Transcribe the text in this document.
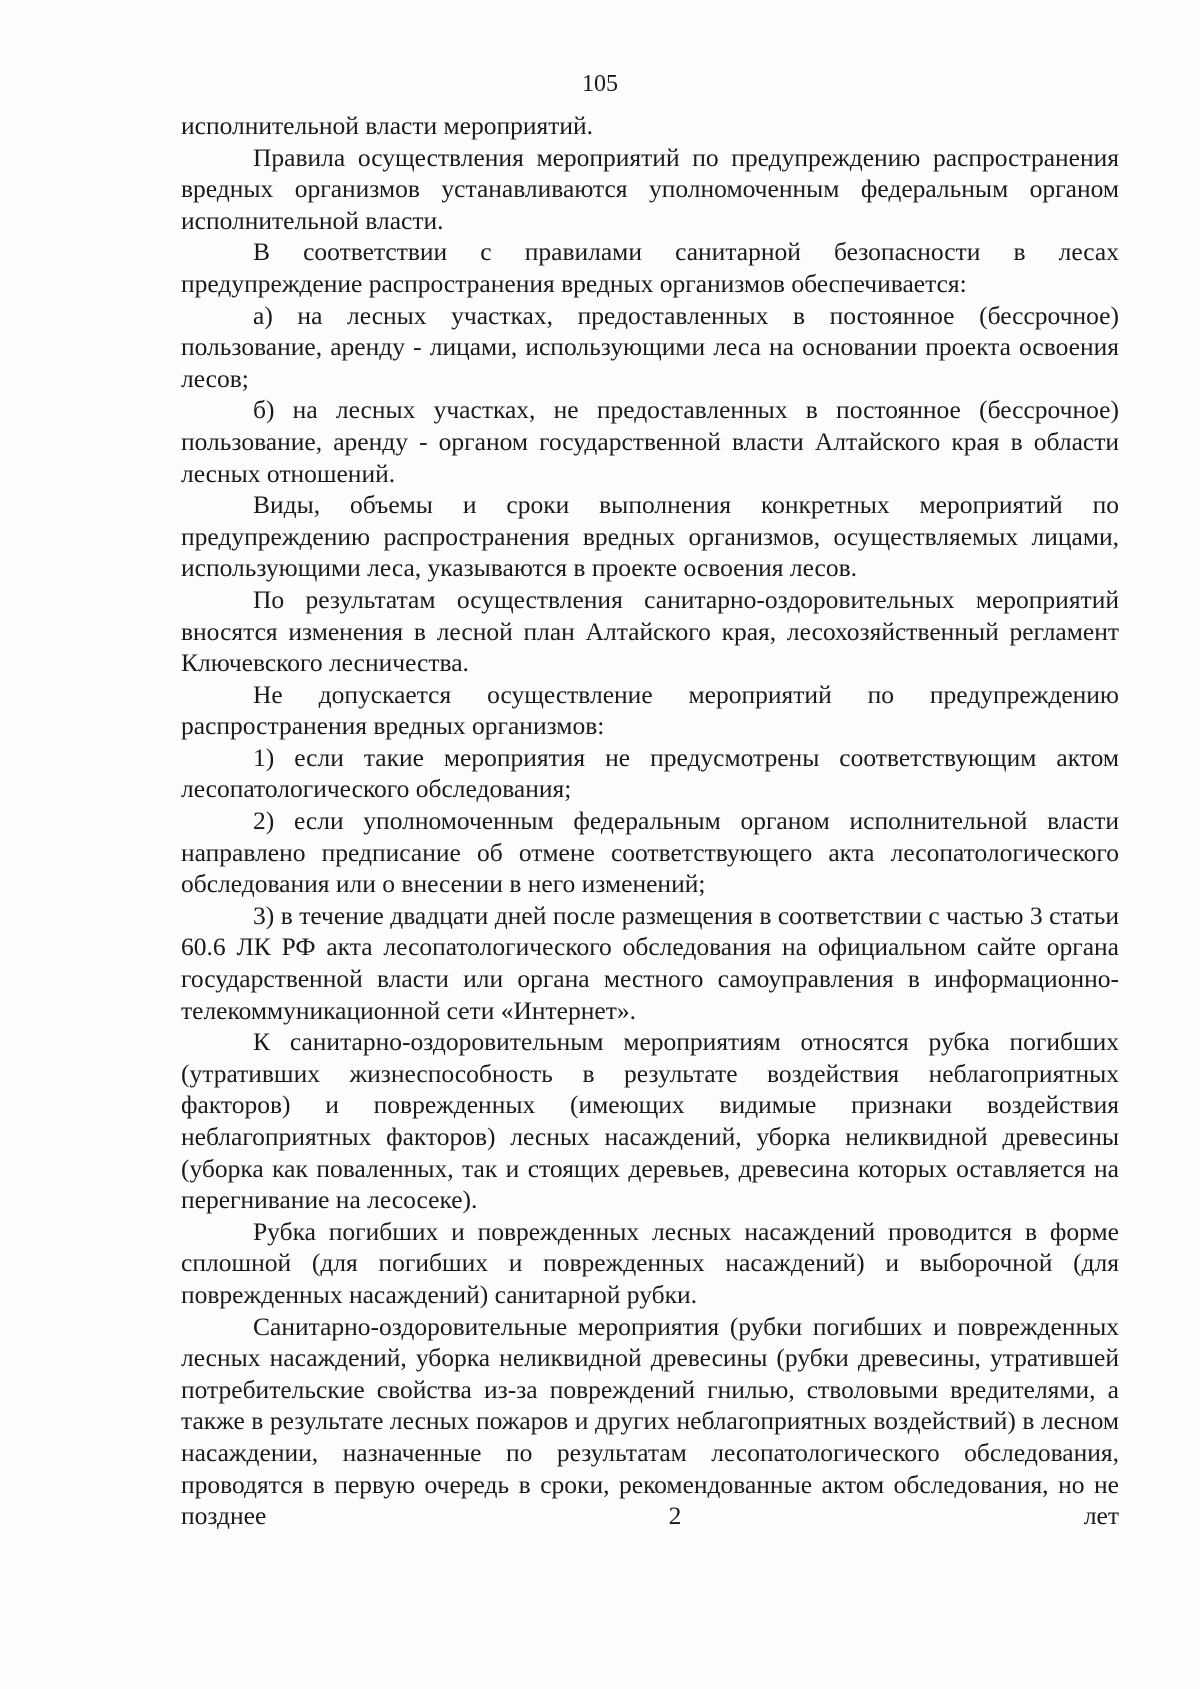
105

исполнительной власти мероприятий.

Правила осуществления мероприятий по предупреждению распространения вредных организмов устанавливаются уполномоченным федеральным органом исполнительной власти.

В соответствии с правилами санитарной безопасности в лесах предупреждение распространения вредных организмов обеспечивается:

а) на лесных участках, предоставленных в постоянное (бессрочное) пользование, аренду - лицами, использующими леса на основании проекта освоения лесов;

б) на лесных участках, не предоставленных в постоянное (бессрочное) пользование, аренду - органом государственной власти Алтайского края в области лесных отношений.

Виды, объемы и сроки выполнения конкретных мероприятий по предупреждению распространения вредных организмов, осуществляемых лицами, использующими леса, указываются в проекте освоения лесов.

По результатам осуществления санитарно-оздоровительных мероприятий вносятся изменения в лесной план Алтайского края, лесохозяйственный регламент Ключевского лесничества.

Не допускается осуществление мероприятий по предупреждению распространения вредных организмов:

1) если такие мероприятия не предусмотрены соответствующим актом лесопатологического обследования;

2) если уполномоченным федеральным органом исполнительной власти направлено предписание об отмене соответствующего акта лесопатологического обследования или о внесении в него изменений;

3) в течение двадцати дней после размещения в соответствии с частью 3 статьи 60.6 ЛК РФ акта лесопатологического обследования на официальном сайте органа государственной власти или органа местного самоуправления в информационно-телекоммуникационной сети «Интернет».

К санитарно-оздоровительным мероприятиям относятся рубка погибших (утративших жизнеспособность в результате воздействия неблагоприятных факторов) и поврежденных (имеющих видимые признаки воздействия неблагоприятных факторов) лесных насаждений, уборка неликвидной древесины (уборка как поваленных, так и стоящих деревьев, древесина которых оставляется на перегнивание на лесосеке).

Рубка погибших и поврежденных лесных насаждений проводится в форме сплошной (для погибших и поврежденных насаждений) и выборочной (для поврежденных насаждений) санитарной рубки.

Санитарно-оздоровительные мероприятия (рубки погибших и поврежденных лесных насаждений, уборка неликвидной древесины (рубки древесины, утратившей потребительские свойства из-за повреждений гнилью, стволовыми вредителями, а также в результате лесных пожаров и других неблагоприятных воздействий) в лесном насаждении, назначенные по результатам лесопатологического обследования, проводятся в первую очередь в сроки, рекомендованные актом обследования, но не позднее 2 лет
